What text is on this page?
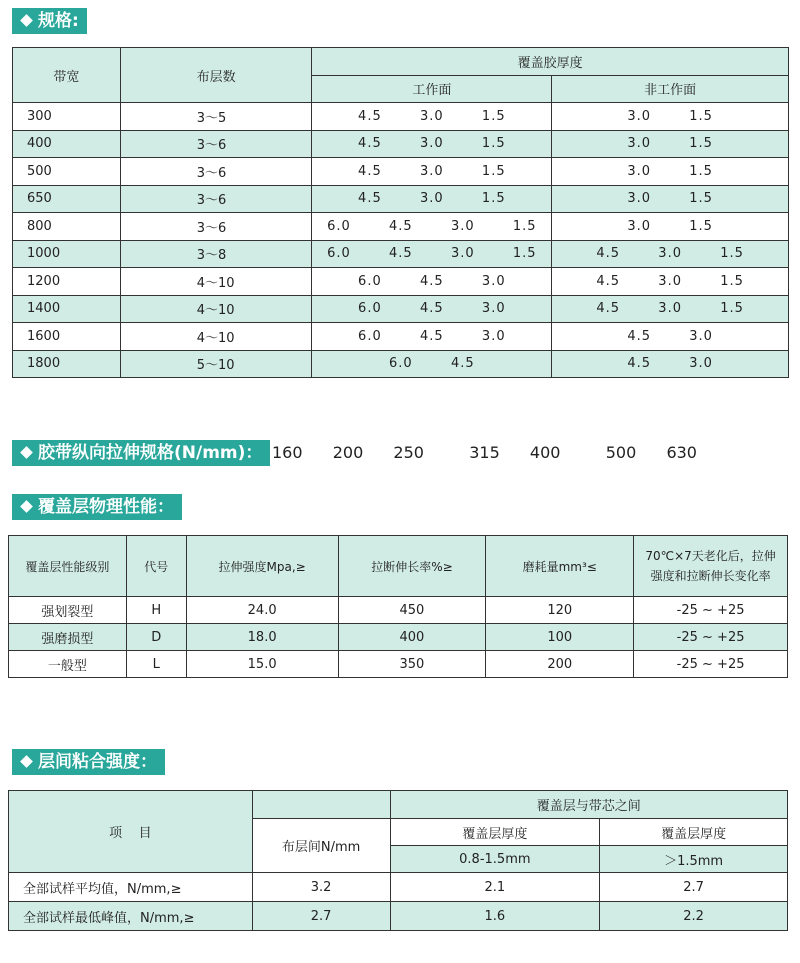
规格:
带宽	布层数	覆盖胶厚度	
		工作面	非工作面
300	3～5	4.5  3.0  1.5	3.0  1.5
400	3～6	4.5  3.0  1.5	3.0  1.5
500	3～6	4.5  3.0  1.5	3.0  1.5
650	3～6	4.5  3.0  1.5	3.0  1.5
800	3～6	6.0  4.5  3.0  1.5	3.0  1.5
1000	3～8	6.0  4.5  3.0  1.5	4.5  3.0  1.5
1200	4～10	6.0  4.5  3.0	4.5  3.0  1.5
1400	4～10	6.0  4.5  3.0	4.5  3.0  1.5
1600	4～10	6.0  4.5  3.0	4.5  3.0
1800	5～10	6.0  4.5	4.5  3.0
胶带纵向拉伸规格(N/mm)： 160  200  250   315  400   500  630
覆盖层物理性能：
覆盖层性能级别	代号	拉伸强度Mpa,≥	拉断伸长率%≥	磨耗量mm³≤	70℃×7天老化后，拉伸
强度和拉断伸长变化率
强划裂型	H	24.0	450	120	-25 ~ +25
强磨损型	D	18.0	400	100	-25 ~ +25
一般型	L	15.0	350	200	-25 ~ +25
层间粘合强度：
项    目		覆盖层与带芯之间	
	布层间N/mm	覆盖层厚度	覆盖层厚度
		0.8-1.5mm	＞1.5mm
全部试样平均值，N/mm,≥	3.2	2.1	2.7
全部试样最低峰值，N/mm,≥	2.7	1.6	2.2
